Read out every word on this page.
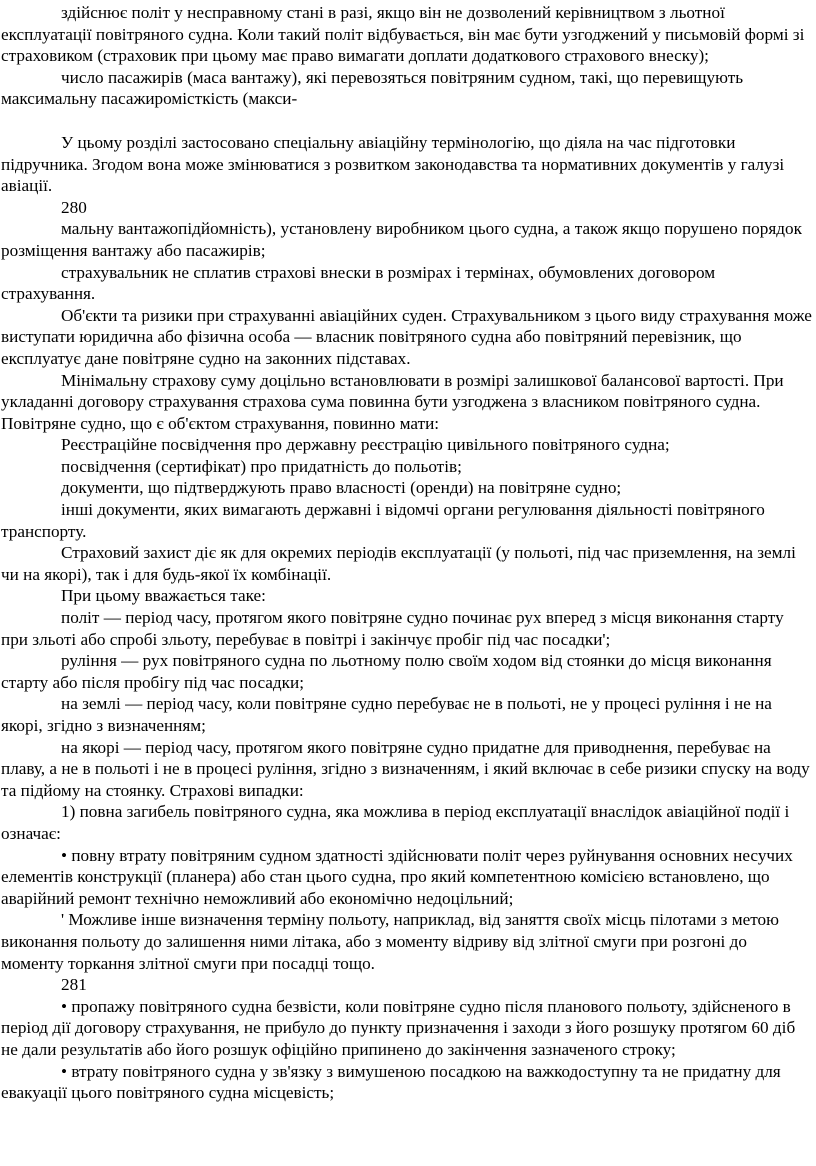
здійснює політ у несправному стані в разі, якщо він не дозволений керівництвом з льотної експлуатації повітряного судна. Коли такий політ відбувається, він має бути узгоджений у письмовій формі зі страховиком (страховик при цьому має право вимагати доплати додаткового страхового внеску);

число пасажирів (маса вантажу), які перевозяться повітряним судном, такі, що перевищують максимальну пасажиромісткість (макси-

У цьому розділі застосовано спеціальну авіаційну термінологію, що діяла на час підготовки підручника. Згодом вона може змінюватися з розвитком законодавства та нормативних документів у галузі авіації.

280

мальну вантажопідйомність), установлену виробником цього судна, а також якщо порушено порядок розміщення вантажу або пасажирів;

страхувальник не сплатив страхові внески в розмірах і термінах, обумовлених договором страхування.

Об'єкти та ризики при страхуванні авіаційних суден. Страхувальником з цього виду страхування може виступати юридична або фізична особа — власник повітряного судна або повітряний перевізник, що експлуатує дане повітряне судно на законних підставах.

Мінімальну страхову суму доцільно встановлювати в розмірі залишкової балансової вартості. При укладанні договору страхування страхова сума повинна бути узгоджена з власником повітряного судна. Повітряне судно, що є об'єктом страхування, повинно мати:

Реєстраційне посвідчення про державну реєстрацію цивільного повітряного судна;

посвідчення (сертифікат) про придатність до польотів;

документи, що підтверджують право власності (оренди) на повітряне судно;

інші документи, яких вимагають державні і відомчі органи регулювання діяльності повітряного транспорту.

Страховий захист діє як для окремих періодів експлуатації (у польоті, під час приземлення, на землі чи на якорі), так і для будь-якої їх комбінації.

При цьому вважається таке:

політ — період часу, протягом якого повітряне судно починає рух вперед з місця виконання старту при зльоті або спробі зльоту, перебуває в повітрі і закінчує пробіг під час посадки';

руління — рух повітряного судна по льотному полю своїм ходом від стоянки до місця виконання старту або після пробігу під час посадки;

на землі — період часу, коли повітряне судно перебуває не в польоті, не у процесі руління і не на якорі, згідно з визначенням;

на якорі — період часу, протягом якого повітряне судно придатне для приводнення, перебуває на плаву, а не в польоті і не в процесі руління, згідно з визначенням, і який включає в себе ризики спуску на воду та підйому на стоянку. Страхові випадки:

1) повна загибель повітряного судна, яка можлива в період експлуатації внаслідок авіаційної події і означає:

• повну втрату повітряним судном здатності здійснювати політ через руйнування основних несучих елементів конструкції (планера) або стан цього судна, про який компетентною комісією встановлено, що аварійний ремонт технічно неможливий або економічно недоцільний;

' Можливе інше визначення терміну польоту, наприклад, від заняття своїх місць пілотами з метою виконання польоту до залишення ними літака, або з моменту відриву від злітної смуги при розгоні до моменту торкання злітної смуги при посадці тощо.

281

• пропажу повітряного судна безвісти, коли повітряне судно після планового польоту, здійсненого в період дії договору страхування, не прибуло до пункту призначення і заходи з його розшуку протягом 60 діб не дали результатів або його розшук офіційно припинено до закінчення зазначеного строку;

• втрату повітряного судна у зв'язку з вимушеною посадкою на важкодоступну та не придатну для евакуації цього повітряного судна місцевість;
